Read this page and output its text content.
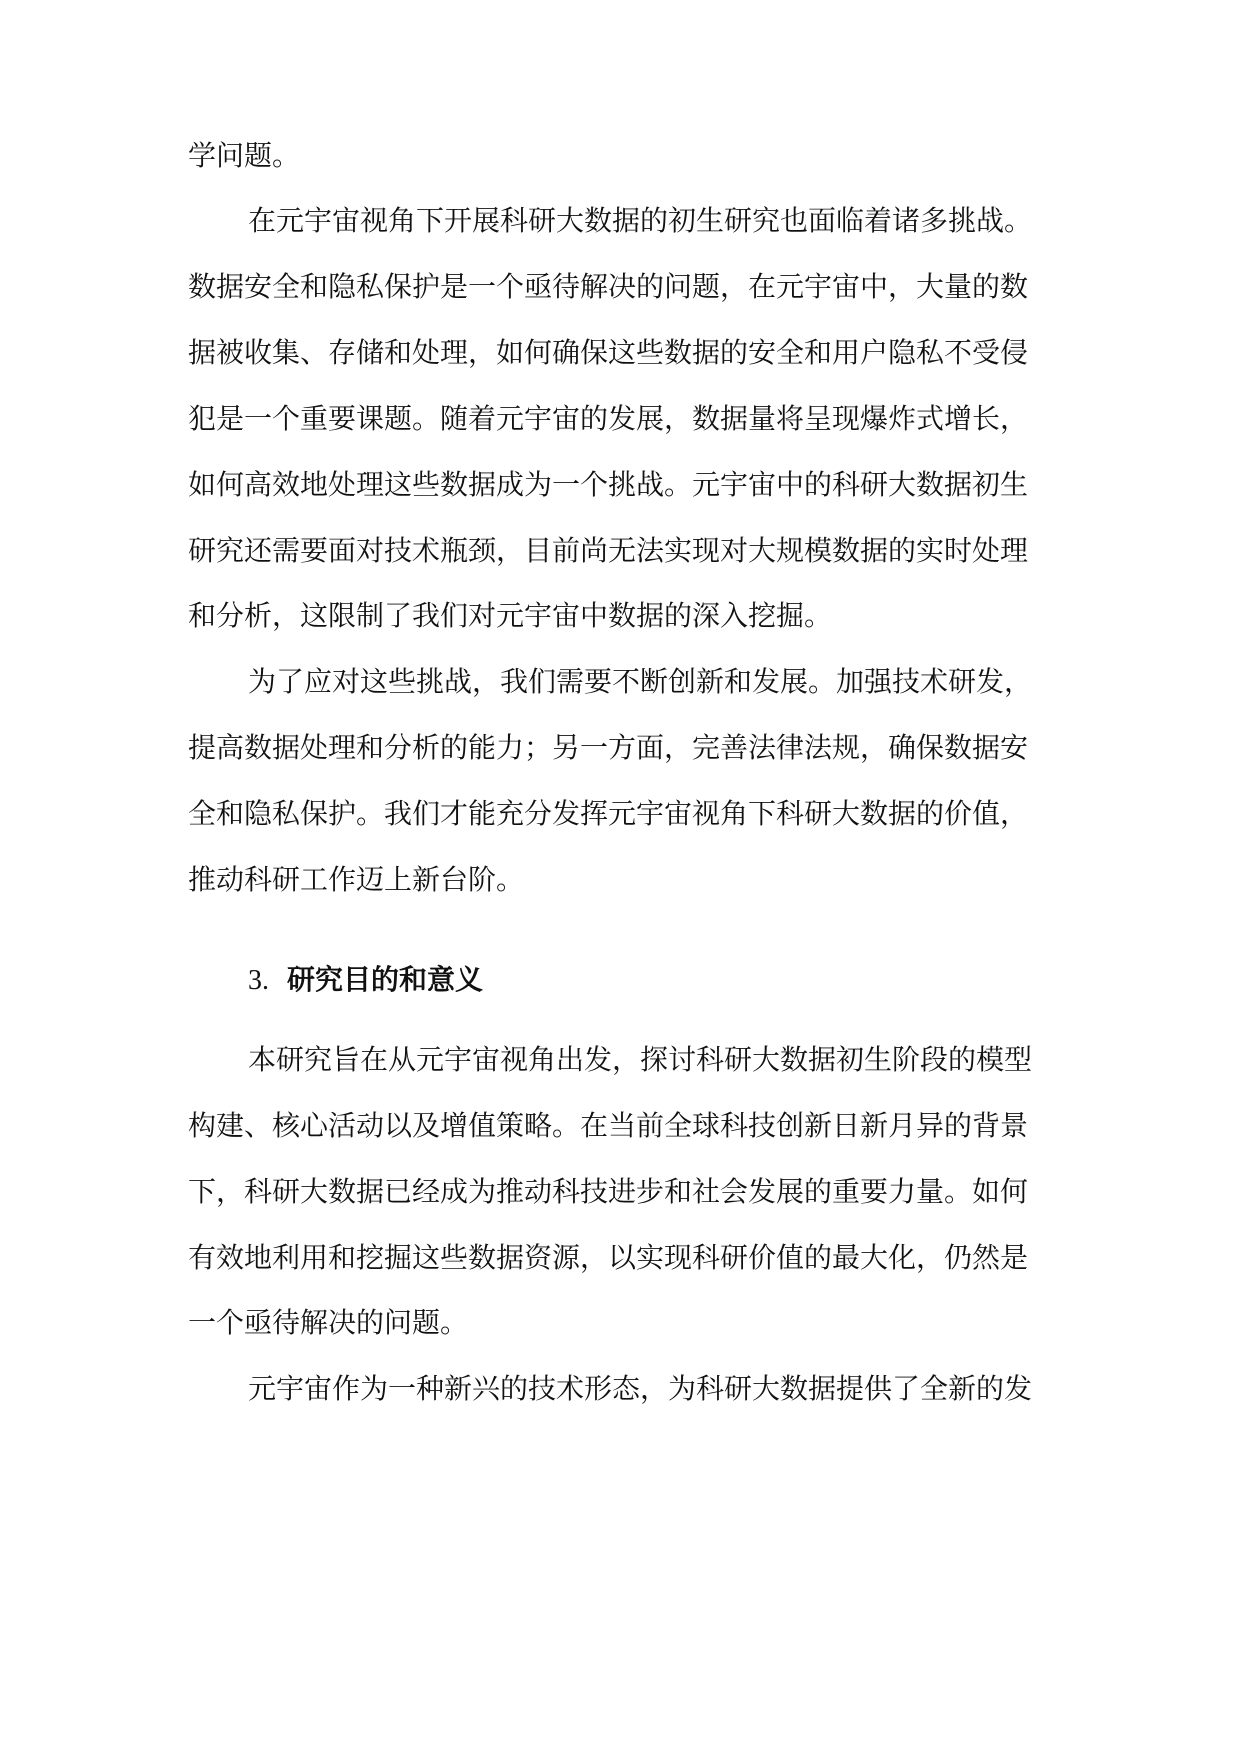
学问题。
在元宇宙视角下开展科研大数据的初生研究也面临着诸多挑战。
数据安全和隐私保护是一个亟待解决的问题，在元宇宙中，大量的数
据被收集、存储和处理，如何确保这些数据的安全和用户隐私不受侵
犯是一个重要课题。随着元宇宙的发展，数据量将呈现爆炸式增长，
如何高效地处理这些数据成为一个挑战。元宇宙中的科研大数据初生
研究还需要面对技术瓶颈，目前尚无法实现对大规模数据的实时处理
和分析，这限制了我们对元宇宙中数据的深入挖掘。
为了应对这些挑战，我们需要不断创新和发展。加强技术研发，
提高数据处理和分析的能力；另一方面，完善法律法规，确保数据安
全和隐私保护。我们才能充分发挥元宇宙视角下科研大数据的价值，
推动科研工作迈上新台阶。
3. 研究目的和意义
本研究旨在从元宇宙视角出发，探讨科研大数据初生阶段的模型
构建、核心活动以及增值策略。在当前全球科技创新日新月异的背景
下，科研大数据已经成为推动科技进步和社会发展的重要力量。如何
有效地利用和挖掘这些数据资源，以实现科研价值的最大化，仍然是
一个亟待解决的问题。
元宇宙作为一种新兴的技术形态，为科研大数据提供了全新的发
